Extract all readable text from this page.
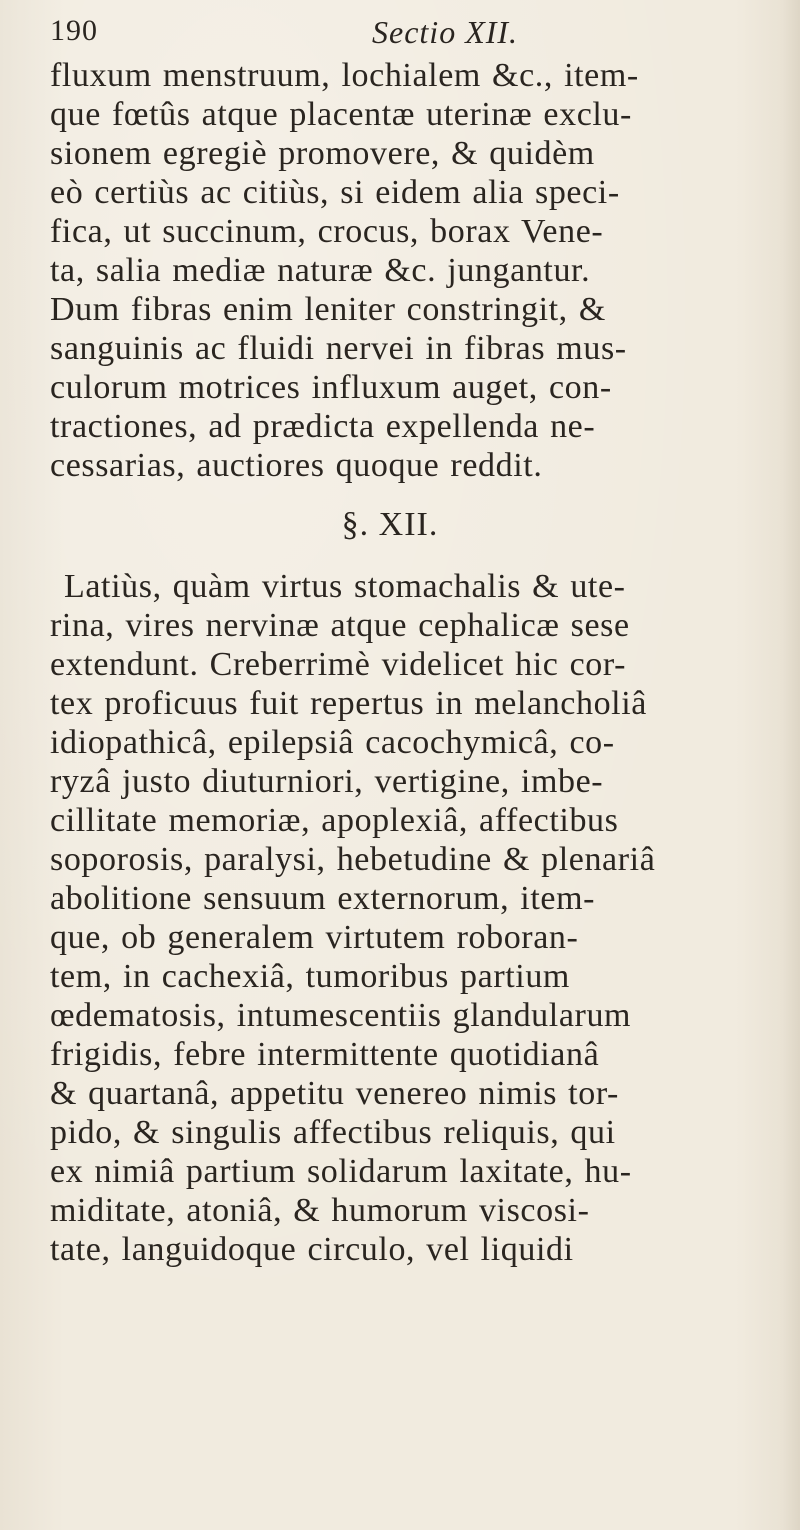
190	Sectio XII.
fluxum menstruum, lochialem &c., item-
que fœtûs atque placentæ uterinæ exclu-
sionem egregiè promovere, & quidèm
eò certiùs ac citiùs, si eidem alia speci-
fica, ut succinum, crocus, borax Vene-
ta, salia mediæ naturæ &c. jungantur.
Dum fibras enim leniter constringit, &
sanguinis ac fluidi nervei in fibras mus-
culorum motrices influxum auget, con-
tractiones, ad prædicta expellenda ne-
cessarias, auctiores quoque reddit.
§. XII.
Latiùs, quàm virtus stomachalis & ute-
rina, vires nervinæ atque cephalicæ sese
extendunt. Creberrimè videlicet hic cor-
tex proficuus fuit repertus in melancholiâ
idiopathicâ, epilepsiâ cacochymicâ, co-
ryzâ justo diuturniori, vertigine, imbe-
cillitate memoriæ, apoplexiâ, affectibus
soporosis, paralysi, hebetudine & plenariâ
abolitione sensuum externorum, item-
que, ob generalem virtutem roboran-
tem, in cachexiâ, tumoribus partium
œdematosis, intumescentiis glandularum
frigidis, febre intermittente quotidianâ
& quartanâ, appetitu venereo nimis tor-
pido, & singulis affectibus reliquis, qui
ex nimiâ partium solidarum laxitate, hu-
miditate, atoniâ, & humorum viscosi-
tate, languidoque circulo, vel liquidi
